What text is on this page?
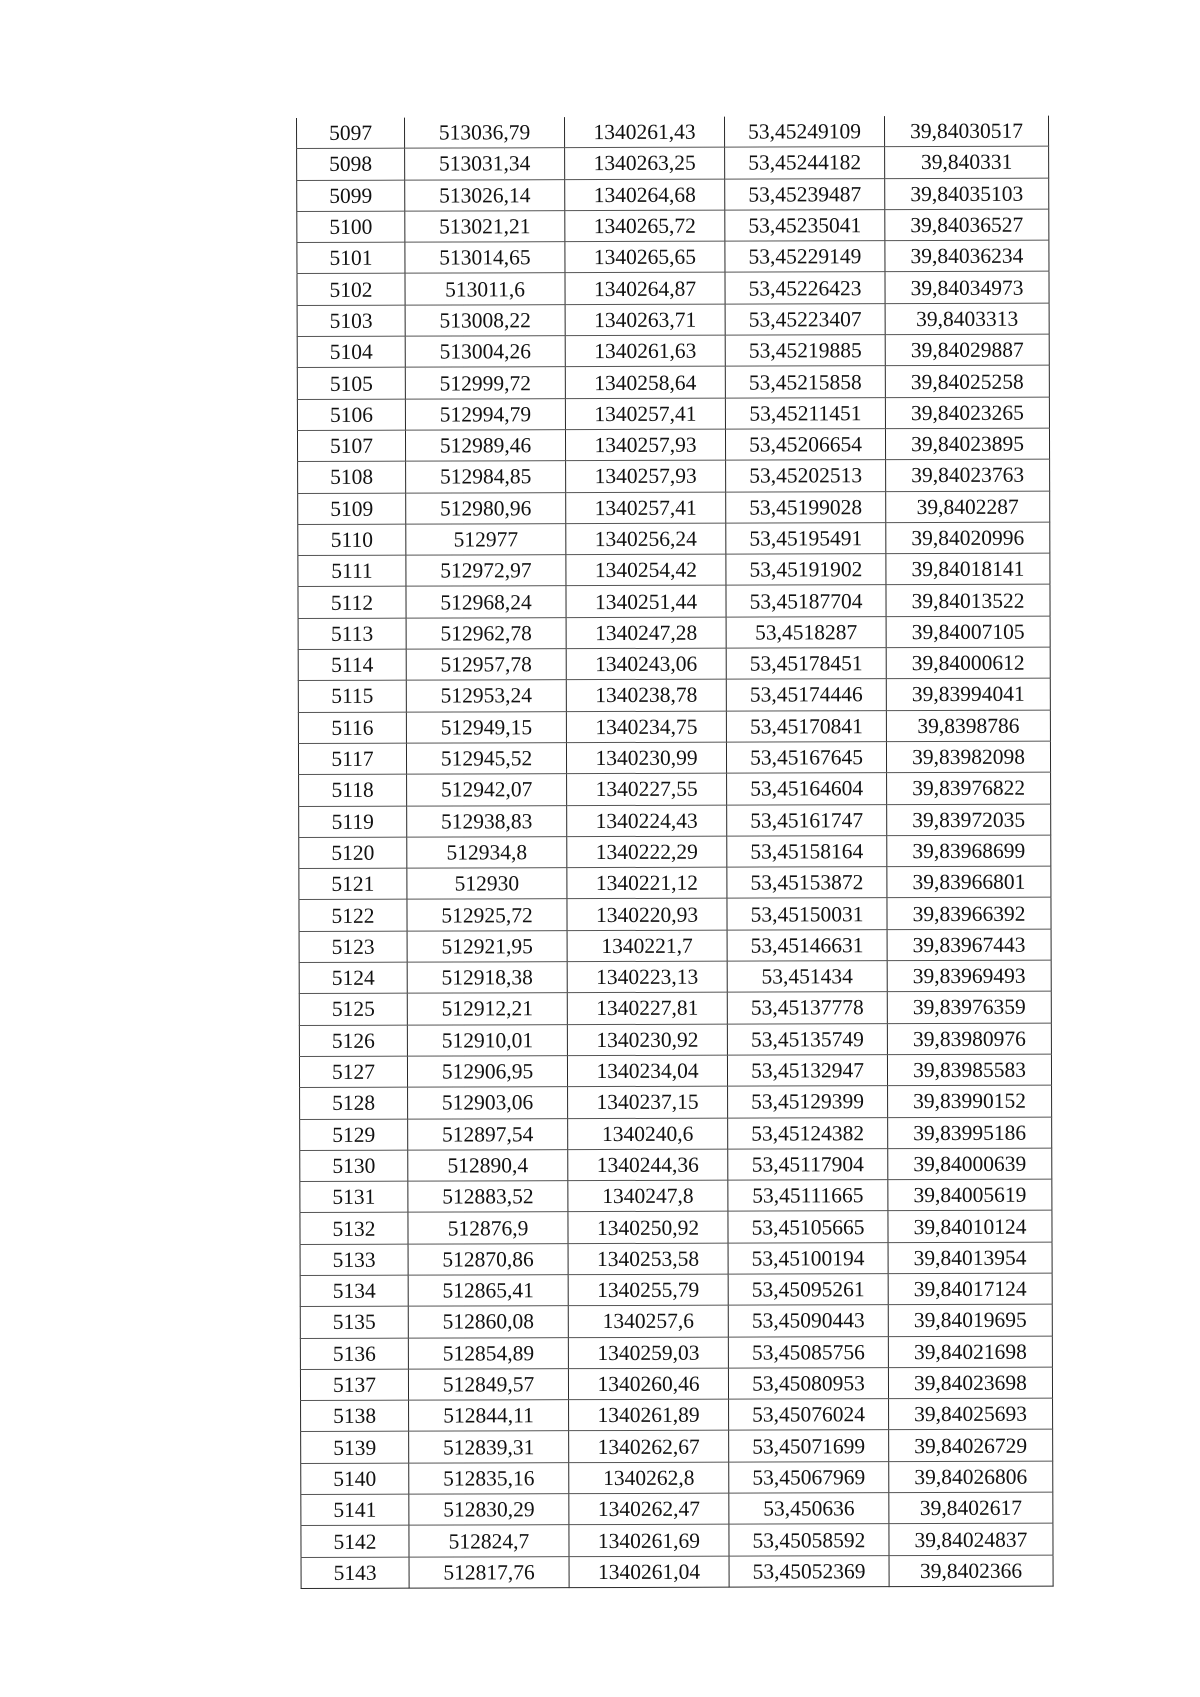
5097	513036,79	1340261,43	53,45249109	39,84030517
5098	513031,34	1340263,25	53,45244182	39,840331
5099	513026,14	1340264,68	53,45239487	39,84035103
5100	513021,21	1340265,72	53,45235041	39,84036527
5101	513014,65	1340265,65	53,45229149	39,84036234
5102	513011,6	1340264,87	53,45226423	39,84034973
5103	513008,22	1340263,71	53,45223407	39,8403313
5104	513004,26	1340261,63	53,45219885	39,84029887
5105	512999,72	1340258,64	53,45215858	39,84025258
5106	512994,79	1340257,41	53,45211451	39,84023265
5107	512989,46	1340257,93	53,45206654	39,84023895
5108	512984,85	1340257,93	53,45202513	39,84023763
5109	512980,96	1340257,41	53,45199028	39,8402287
5110	512977	1340256,24	53,45195491	39,84020996
5111	512972,97	1340254,42	53,45191902	39,84018141
5112	512968,24	1340251,44	53,45187704	39,84013522
5113	512962,78	1340247,28	53,4518287	39,84007105
5114	512957,78	1340243,06	53,45178451	39,84000612
5115	512953,24	1340238,78	53,45174446	39,83994041
5116	512949,15	1340234,75	53,45170841	39,8398786
5117	512945,52	1340230,99	53,45167645	39,83982098
5118	512942,07	1340227,55	53,45164604	39,83976822
5119	512938,83	1340224,43	53,45161747	39,83972035
5120	512934,8	1340222,29	53,45158164	39,83968699
5121	512930	1340221,12	53,45153872	39,83966801
5122	512925,72	1340220,93	53,45150031	39,83966392
5123	512921,95	1340221,7	53,45146631	39,83967443
5124	512918,38	1340223,13	53,451434	39,83969493
5125	512912,21	1340227,81	53,45137778	39,83976359
5126	512910,01	1340230,92	53,45135749	39,83980976
5127	512906,95	1340234,04	53,45132947	39,83985583
5128	512903,06	1340237,15	53,45129399	39,83990152
5129	512897,54	1340240,6	53,45124382	39,83995186
5130	512890,4	1340244,36	53,45117904	39,84000639
5131	512883,52	1340247,8	53,45111665	39,84005619
5132	512876,9	1340250,92	53,45105665	39,84010124
5133	512870,86	1340253,58	53,45100194	39,84013954
5134	512865,41	1340255,79	53,45095261	39,84017124
5135	512860,08	1340257,6	53,45090443	39,84019695
5136	512854,89	1340259,03	53,45085756	39,84021698
5137	512849,57	1340260,46	53,45080953	39,84023698
5138	512844,11	1340261,89	53,45076024	39,84025693
5139	512839,31	1340262,67	53,45071699	39,84026729
5140	512835,16	1340262,8	53,45067969	39,84026806
5141	512830,29	1340262,47	53,450636	39,8402617
5142	512824,7	1340261,69	53,45058592	39,84024837
5143	512817,76	1340261,04	53,45052369	39,8402366
